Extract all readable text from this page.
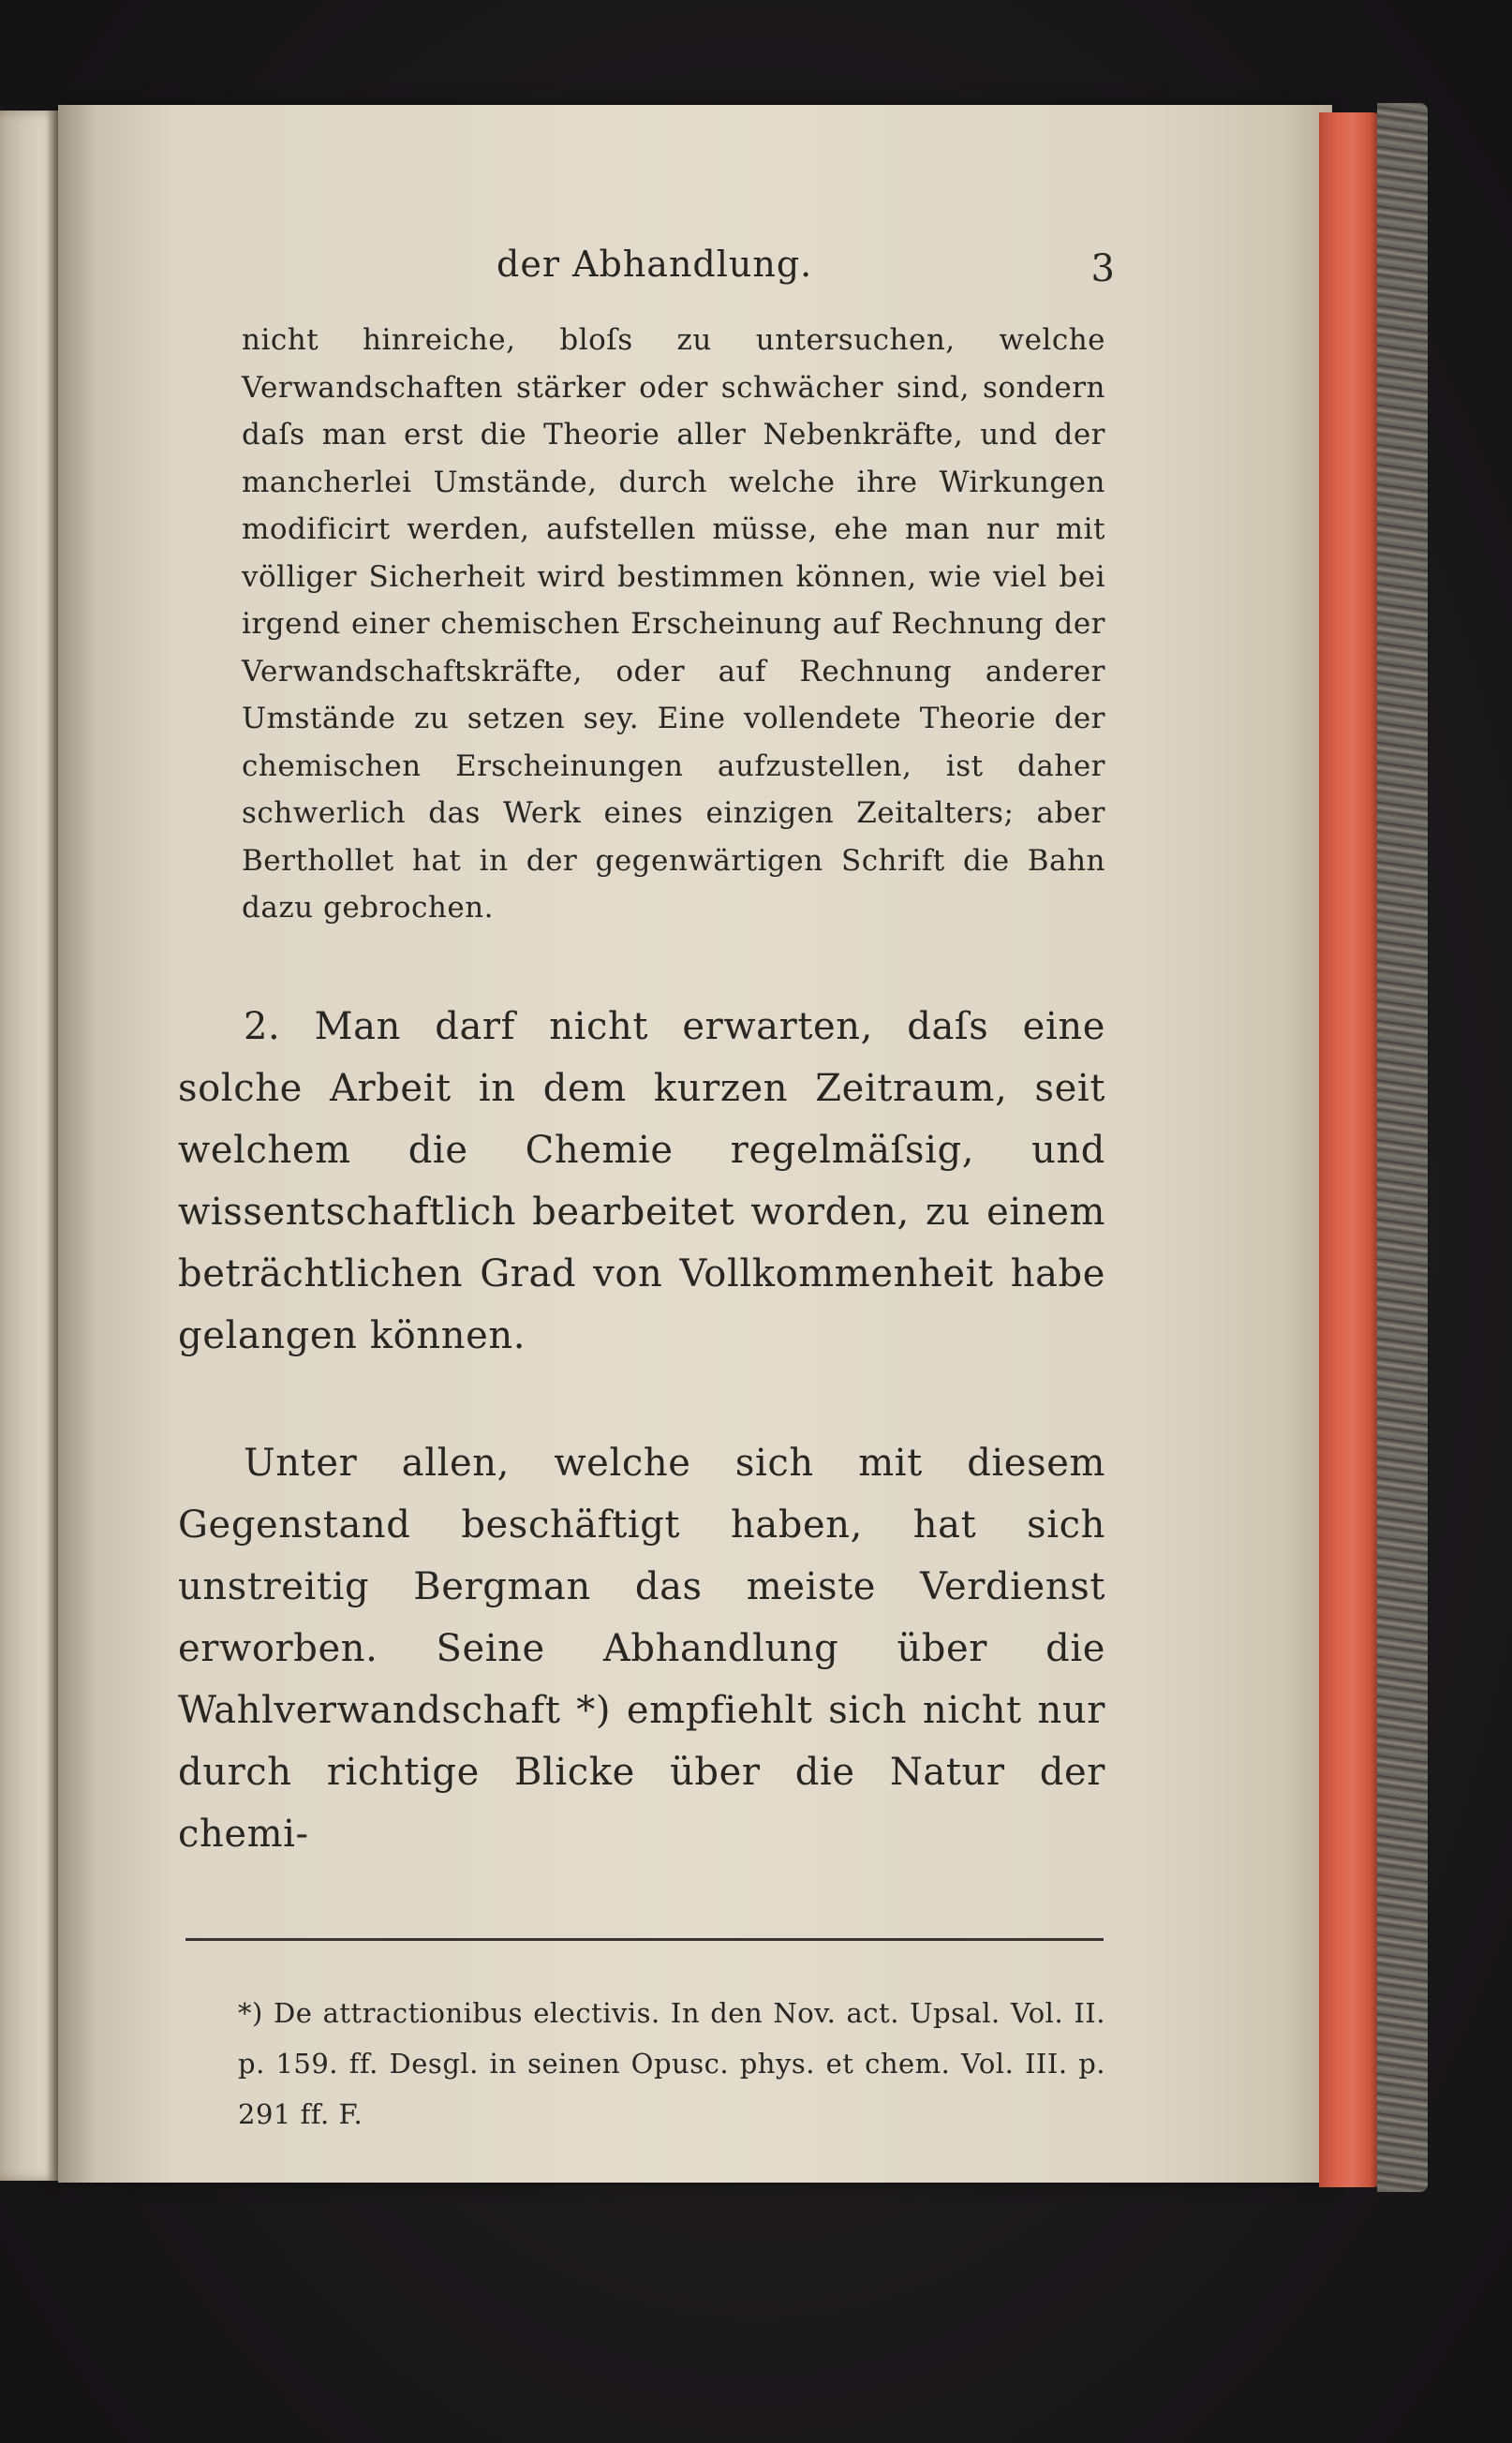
der Abhandlung.	3

nicht hinreiche, bloſs zu untersuchen, welche Verwandschaften stärker oder schwächer sind, sondern daſs man erst die Theorie aller Nebenkräfte, und der mancherlei Umstände, durch welche ihre Wirkungen modificirt werden, aufstellen müsse, ehe man nur mit völliger Sicherheit wird bestimmen können, wie viel bei irgend einer chemischen Erscheinung auf Rechnung der Verwandschaftskräfte, oder auf Rechnung anderer Umstände zu setzen sey. Eine vollendete Theorie der chemischen Erscheinungen aufzustellen, ist daher schwerlich das Werk eines einzigen Zeitalters; aber Berthollet hat in der gegenwärtigen Schrift die Bahn dazu gebrochen.

2. Man darf nicht erwarten, daſs eine solche Arbeit in dem kurzen Zeitraum, seit welchem die Chemie regelmäſsig, und wissentschaftlich bearbeitet worden, zu einem beträchtlichen Grad von Vollkommenheit habe gelangen können.

Unter allen, welche sich mit diesem Gegenstand beschäftigt haben, hat sich unstreitig Bergman das meiste Verdienst erworben. Seine Abhandlung über die Wahlverwandschaft *) empfiehlt sich nicht nur durch richtige Blicke über die Natur der chemi-

*) De attractionibus electivis. In den Nov. act. Upsal. Vol. II. p. 159. ff. Desgl. in seinen Opusc. phys. et chem. Vol. III. p. 291 ff. F.
